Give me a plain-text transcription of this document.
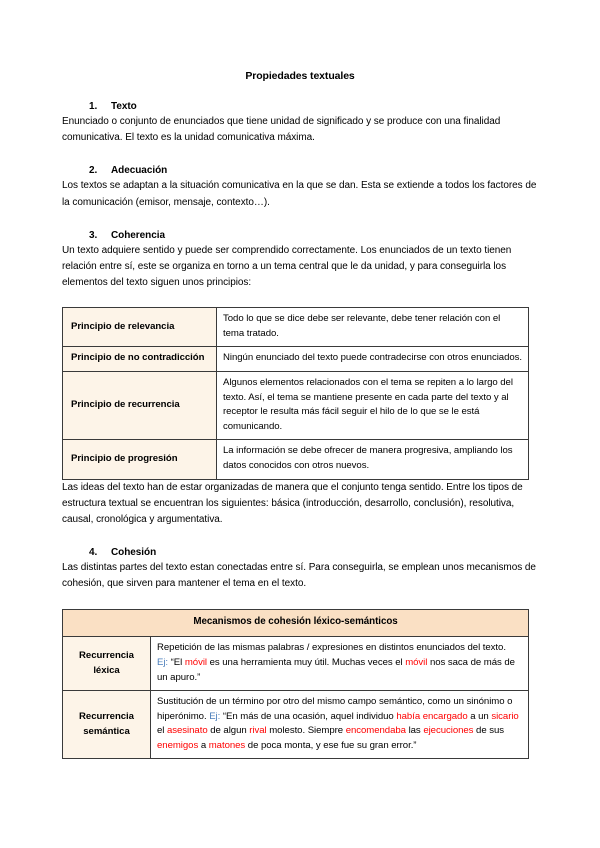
Propiedades textuales
1. Texto

Enunciado o conjunto de enunciados que tiene unidad de significado y se produce con una finalidad comunicativa. El texto es la unidad comunicativa máxima.

2. Adecuación

Los textos se adaptan a la situación comunicativa en la que se dan. Esta se extiende a todos los factores de la comunicación (emisor, mensaje, contexto…).

3. Coherencia

Un texto adquiere sentido y puede ser comprendido correctamente. Los enunciados de un texto tienen relación entre sí, este se organiza en torno a un tema central que le da unidad, y para conseguirla los elementos del texto siguen unos principios:

Principio de relevancia	Todo lo que se dice debe ser relevante, debe tener relación con el tema tratado.
Principio de no contradicción	Ningún enunciado del texto puede contradecirse con otros enunciados.
Principio de recurrencia	Algunos elementos relacionados con el tema se repiten a lo largo del texto. Así, el tema se mantiene presente en cada parte del texto y al receptor le resulta más fácil seguir el hilo de lo que se le está comunicando.
Principio de progresión	La información se debe ofrecer de manera progresiva, ampliando los datos conocidos con otros nuevos.

Las ideas del texto han de estar organizadas de manera que el conjunto tenga sentido. Entre los tipos de estructura textual se encuentran los siguientes: básica (introducción, desarrollo, conclusión), resolutiva, causal, cronológica y argumentativa.

4. Cohesión

Las distintas partes del texto estan conectadas entre sí. Para conseguirla, se emplean unos mecanismos de cohesión, que sirven para mantener el tema en el texto.

Mecanismos de cohesión léxico-semánticos	
Recurrencia
léxica	Repetición de las mismas palabras / expresiones en distintos enunciados del texto.
Ej: “El móvil es una herramienta muy útil. Muchas veces el móvil nos saca de más de un apuro.”
Recurrencia
semántica	Sustitución de un término por otro del mismo campo semántico, como un sinónimo o hiperónimo. Ej: “En más de una ocasión, aquel individuo había encargado a un sicario el asesinato de algun rival molesto. Siempre encomendaba las ejecuciones de sus enemigos a matones de poca monta, y ese fue su gran error.”
